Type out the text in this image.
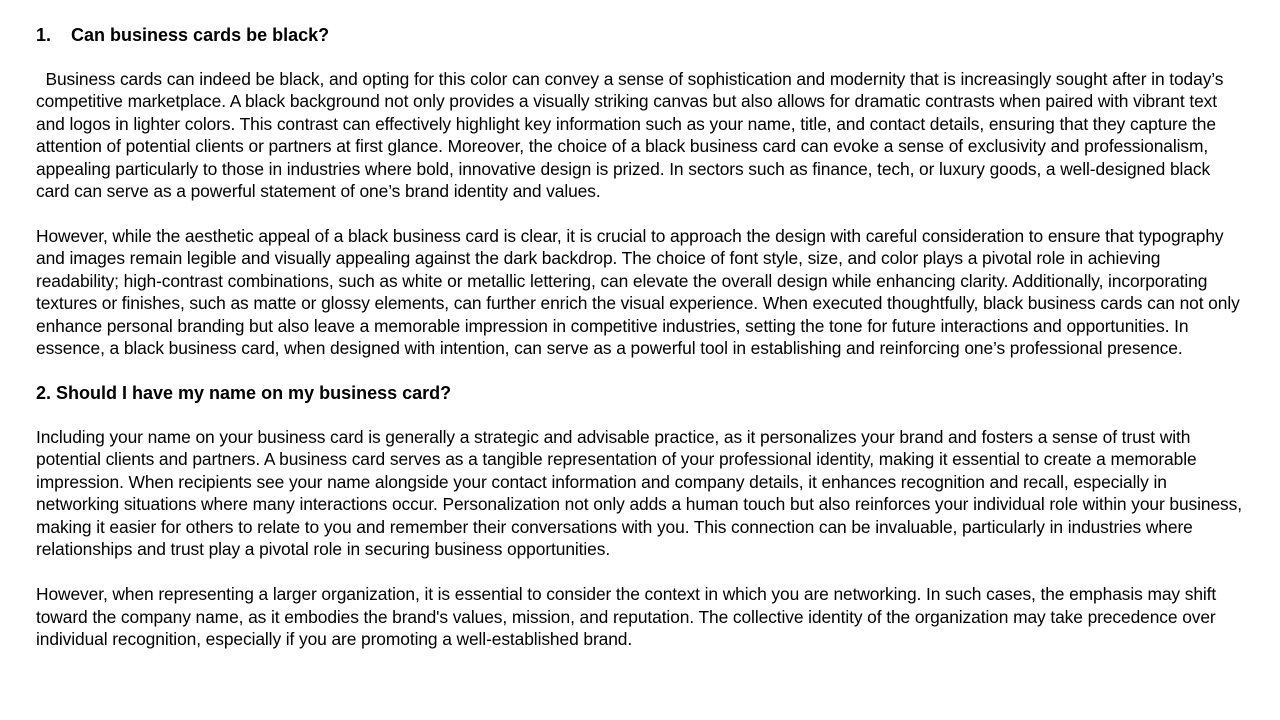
1.    Can business cards be black?

Business cards can indeed be black, and opting for this color can convey a sense of sophistication and modernity that is increasingly sought after in today’s competitive marketplace. A black background not only provides a visually striking canvas but also allows for dramatic contrasts when paired with vibrant text and logos in lighter colors. This contrast can effectively highlight key information such as your name, title, and contact details, ensuring that they capture the attention of potential clients or partners at first glance. Moreover, the choice of a black business card can evoke a sense of exclusivity and professionalism, appealing particularly to those in industries where bold, innovative design is prized. In sectors such as finance, tech, or luxury goods, a well-designed black card can serve as a powerful statement of one’s brand identity and values.

However, while the aesthetic appeal of a black business card is clear, it is crucial to approach the design with careful consideration to ensure that typography and images remain legible and visually appealing against the dark backdrop. The choice of font style, size, and color plays a pivotal role in achieving readability; high-contrast combinations, such as white or metallic lettering, can elevate the overall design while enhancing clarity. Additionally, incorporating textures or finishes, such as matte or glossy elements, can further enrich the visual experience. When executed thoughtfully, black business cards can not only enhance personal branding but also leave a memorable impression in competitive industries, setting the tone for future interactions and opportunities. In essence, a black business card, when designed with intention, can serve as a powerful tool in establishing and reinforcing one’s professional presence.

2. Should I have my name on my business card?

Including your name on your business card is generally a strategic and advisable practice, as it personalizes your brand and fosters a sense of trust with potential clients and partners. A business card serves as a tangible representation of your professional identity, making it essential to create a memorable impression. When recipients see your name alongside your contact information and company details, it enhances recognition and recall, especially in networking situations where many interactions occur. Personalization not only adds a human touch but also reinforces your individual role within your business, making it easier for others to relate to you and remember their conversations with you. This connection can be invaluable, particularly in industries where relationships and trust play a pivotal role in securing business opportunities.

However, when representing a larger organization, it is essential to consider the context in which you are networking. In such cases, the emphasis may shift toward the company name, as it embodies the brand's values, mission, and reputation. The collective identity of the organization may take precedence over individual recognition, especially if you are promoting a well-established brand.
